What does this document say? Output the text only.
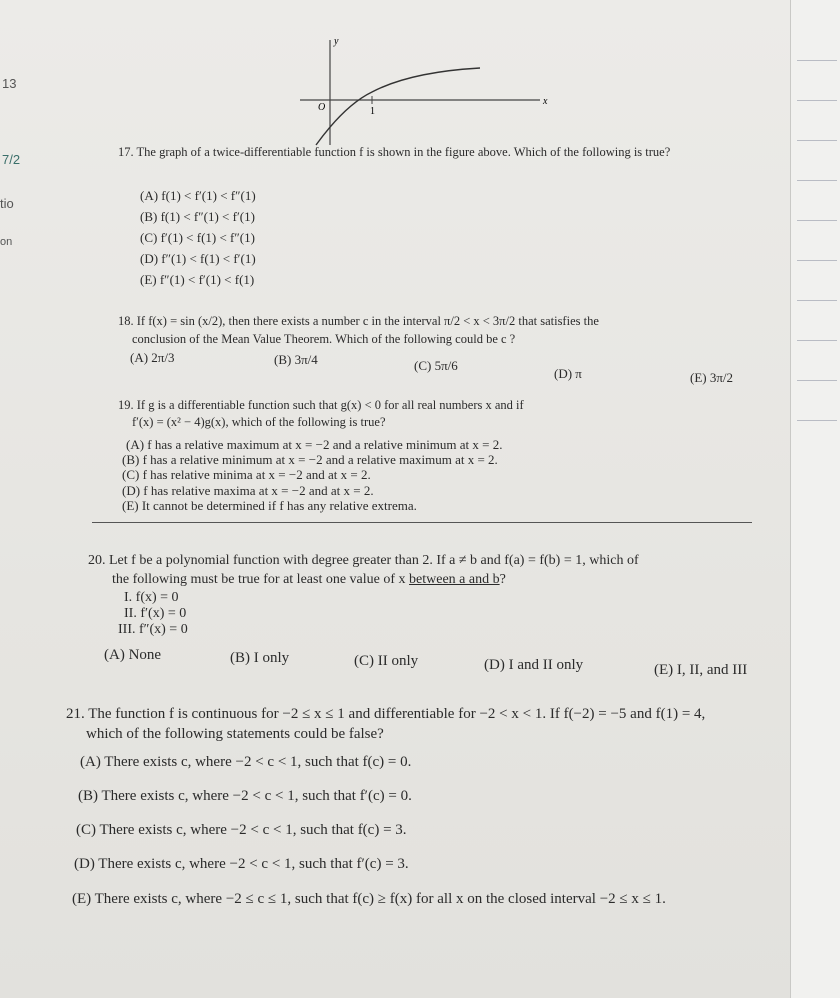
13
7/2
tio
on
y
x
O	1
17. The graph of a twice-differentiable function f is shown in the figure above. Which of the following is true?
(A) f(1) < f′(1) < f″(1)
(B) f(1) < f″(1) < f′(1)
(C) f′(1) < f(1) < f″(1)
(D) f″(1) < f(1) < f′(1)
(E) f″(1) < f′(1) < f(1)
18. If f(x) = sin (x/2), then there exists a number c in the interval π/2 < x < 3π/2 that satisfies the
conclusion of the Mean Value Theorem. Which of the following could be c ?
(A) 2π/3	(B) 3π/4	(C) 5π/6
(D) π	(E) 3π/2
19. If g is a differentiable function such that g(x) < 0 for all real numbers x and if
f′(x) = (x² − 4)g(x), which of the following is true?
(A) f has a relative maximum at x = −2 and a relative minimum at x = 2.
(B) f has a relative minimum at x = −2 and a relative maximum at x = 2.
(C) f has relative minima at x = −2 and at x = 2.
(D) f has relative maxima at x = −2 and at x = 2.
(E) It cannot be determined if f has any relative extrema.
20. Let f be a polynomial function with degree greater than 2. If a ≠ b and f(a) = f(b) = 1, which of
the following must be true for at least one value of x between a and b?
I. f(x) = 0
II. f′(x) = 0
III. f″(x) = 0
(A) None	(B) I only	(C) II only	(D) I and II only	(E) I, II, and III
21. The function f is continuous for −2 ≤ x ≤ 1 and differentiable for −2 < x < 1. If f(−2) = −5 and f(1) = 4,
which of the following statements could be false?
(A) There exists c, where −2 < c < 1, such that f(c) = 0.
(B) There exists c, where −2 < c < 1, such that f′(c) = 0.
(C) There exists c, where −2 < c < 1, such that f(c) = 3.
(D) There exists c, where −2 < c < 1, such that f′(c) = 3.
(E) There exists c, where −2 ≤ c ≤ 1, such that f(c) ≥ f(x) for all x on the closed interval −2 ≤ x ≤ 1.
